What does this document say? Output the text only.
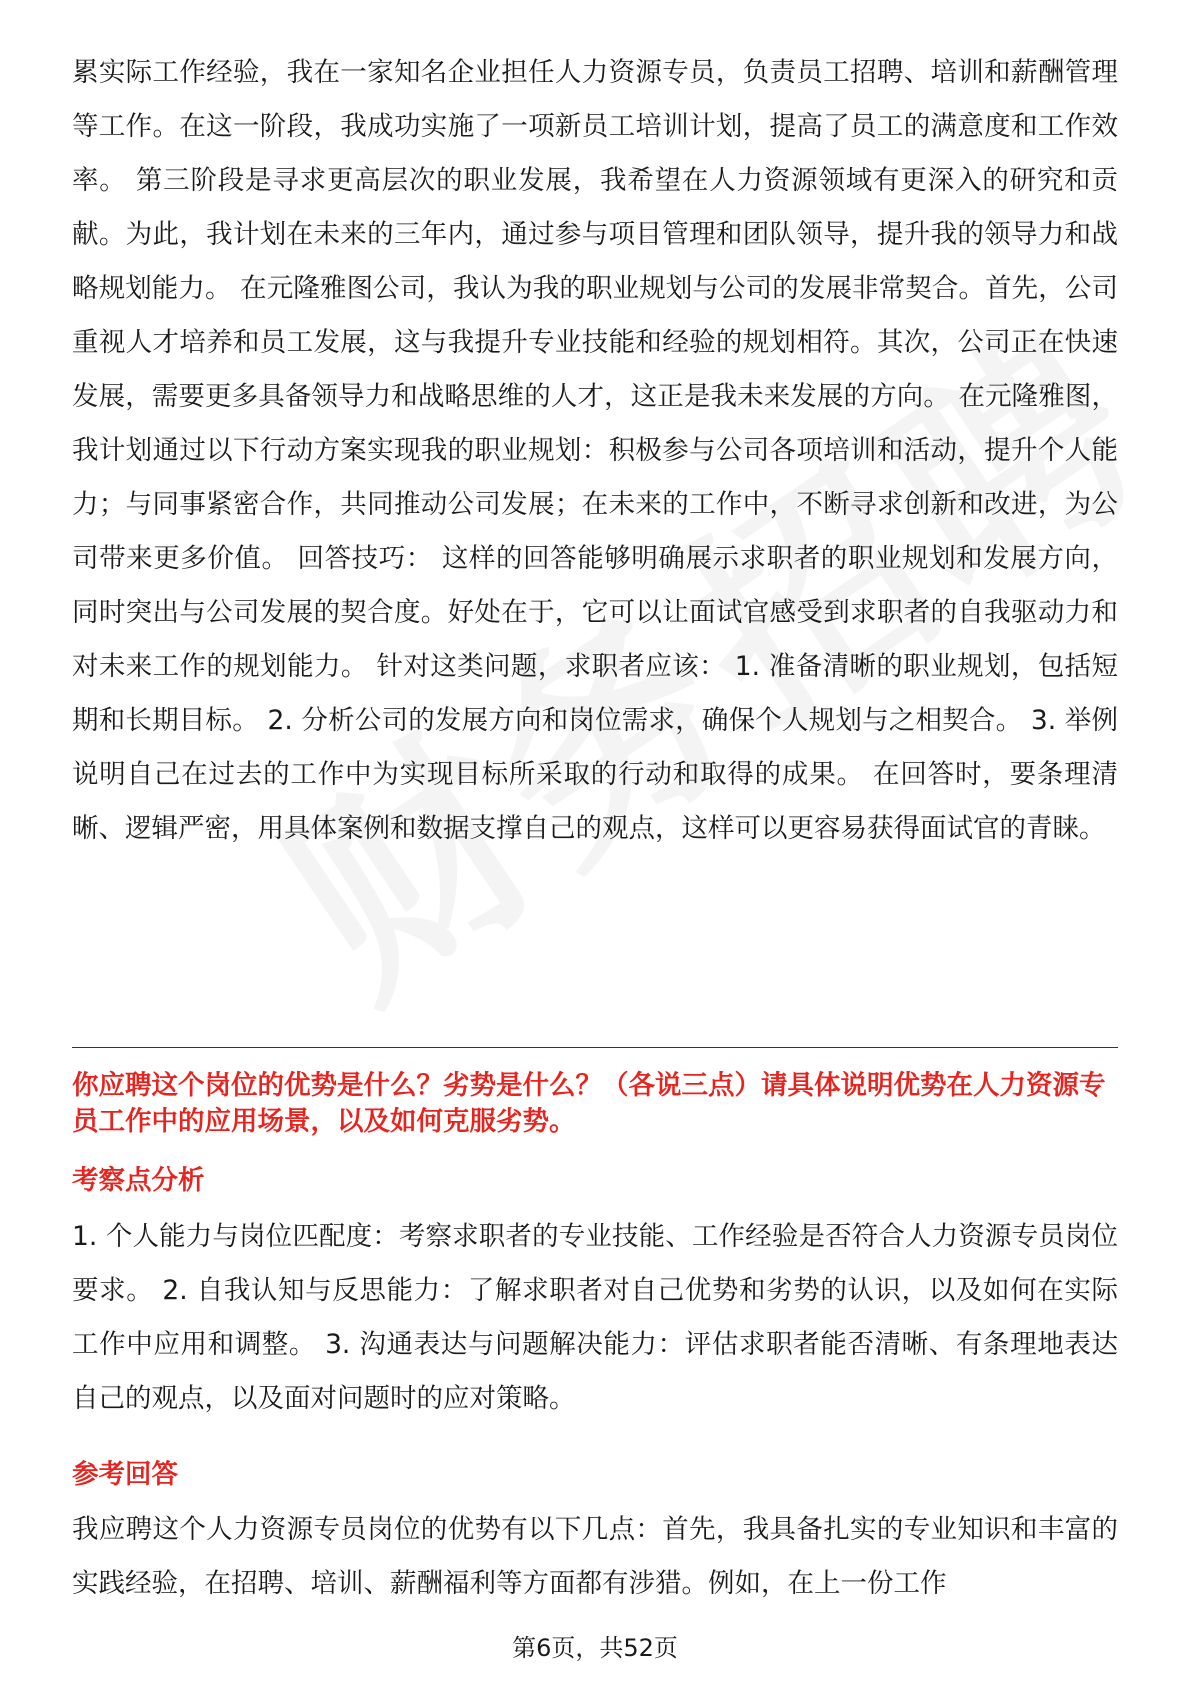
累实际工作经验，我在一家知名企业担任人力资源专员，负责员工招聘、培训和薪酬管理等工作。在这一阶段，我成功实施了一项新员工培训计划，提高了员工的满意度和工作效率。 第三阶段是寻求更高层次的职业发展，我希望在人力资源领域有更深入的研究和贡献。为此，我计划在未来的三年内，通过参与项目管理和团队领导，提升我的领导力和战略规划能力。 在元隆雅图公司，我认为我的职业规划与公司的发展非常契合。首先，公司重视人才培养和员工发展，这与我提升专业技能和经验的规划相符。其次，公司正在快速发展，需要更多具备领导力和战略思维的人才，这正是我未来发展的方向。 在元隆雅图，我计划通过以下行动方案实现我的职业规划：积极参与公司各项培训和活动，提升个人能力；与同事紧密合作，共同推动公司发展；在未来的工作中，不断寻求创新和改进，为公司带来更多价值。 回答技巧： 这样的回答能够明确展示求职者的职业规划和发展方向，同时突出与公司发展的契合度。好处在于，它可以让面试官感受到求职者的自我驱动力和对未来工作的规划能力。 针对这类问题，求职者应该： 1. 准备清晰的职业规划，包括短期和长期目标。 2. 分析公司的发展方向和岗位需求，确保个人规划与之相契合。 3. 举例说明自己在过去的工作中为实现目标所采取的行动和取得的成果。 在回答时，要条理清晰、逻辑严密，用具体案例和数据支撑自己的观点，这样可以更容易获得面试官的青睐。

你应聘这个岗位的优势是什么？劣势是什么？（各说三点）请具体说明优势在人力资源专员工作中的应用场景，以及如何克服劣势。

考察点分析

1. 个人能力与岗位匹配度：考察求职者的专业技能、工作经验是否符合人力资源专员岗位要求。 2. 自我认知与反思能力：了解求职者对自己优势和劣势的认识，以及如何在实际工作中应用和调整。 3. 沟通表达与问题解决能力：评估求职者能否清晰、有条理地表达自己的观点，以及面对问题时的应对策略。

参考回答

我应聘这个人力资源专员岗位的优势有以下几点：首先，我具备扎实的专业知识和丰富的实践经验，在招聘、培训、薪酬福利等方面都有涉猎。例如，在上一份工作

第6页，共52页
